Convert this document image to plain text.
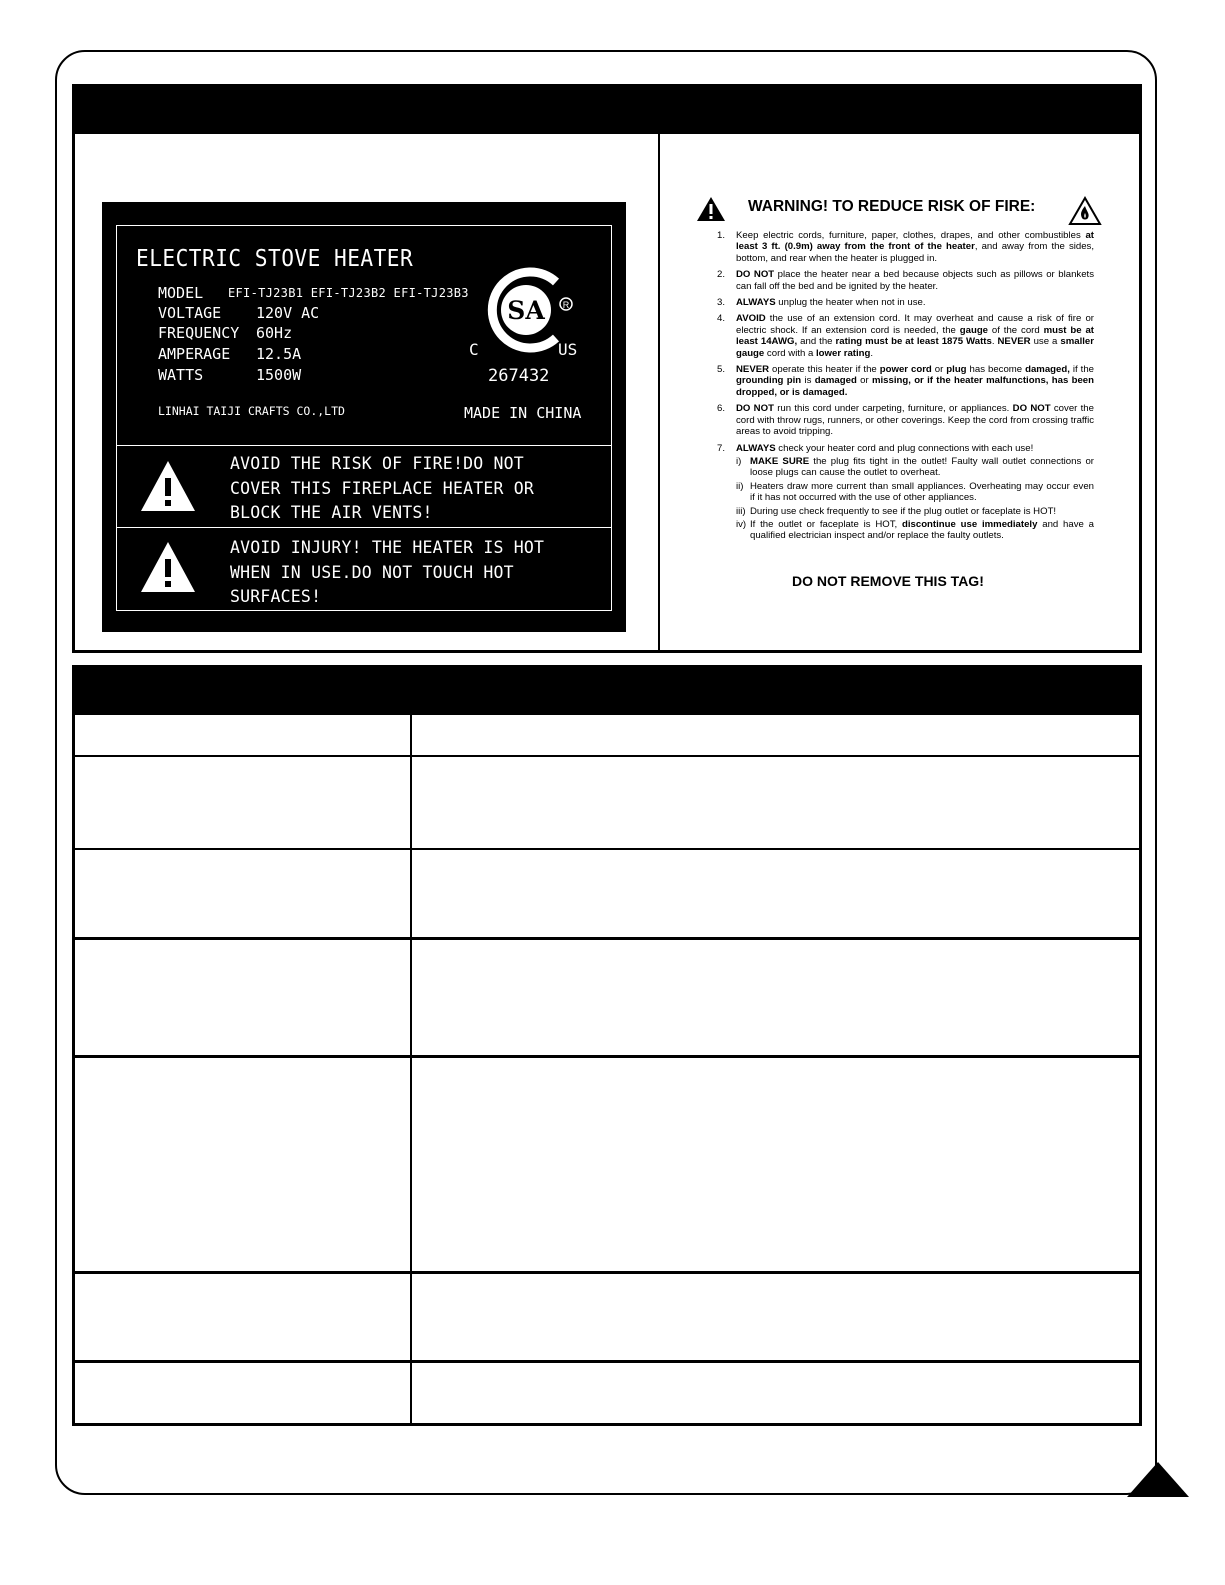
ELECTRIC STOVE HEATER
MODEL	EFI-TJ23B1 EFI-TJ23B2 EFI-TJ23B3
VOLTAGE	120V AC
FREQUENCY	60Hz
AMPERAGE	12.5A
WATTS	1500W
LINHAI TAIJI CRAFTS CO.,LTD	MADE IN CHINA
SA R
C	US
267432
AVOID THE RISK OF FIRE!DO NOT
COVER THIS FIREPLACE HEATER OR
BLOCK THE AIR VENTS!
AVOID INJURY! THE HEATER IS HOT
WHEN IN USE.DO NOT TOUCH HOT
SURFACES!
WARNING! TO REDUCE RISK OF FIRE:
1. Keep electric cords, furniture, paper, clothes, drapes, and other combustibles at least 3 ft. (0.9m) away from the front of the heater, and away from the sides, bottom, and rear when the heater is plugged in.
2. DO NOT place the heater near a bed because objects such as pillows or blankets can fall off the bed and be ignited by the heater.
3. ALWAYS unplug the heater when not in use.
4. AVOID the use of an extension cord. It may overheat and cause a risk of fire or electric shock. If an extension cord is needed, the gauge of the cord must be at least 14AWG, and the rating must be at least 1875 Watts. NEVER use a smaller gauge cord with a lower rating.
5. NEVER operate this heater if the power cord or plug has become damaged, if the grounding pin is damaged or missing, or if the heater malfunctions, has been dropped, or is damaged.
6. DO NOT run this cord under carpeting, furniture, or appliances. DO NOT cover the cord with throw rugs, runners, or other coverings. Keep the cord from crossing traffic areas to avoid tripping.
7. ALWAYS check your heater cord and plug connections with each use!
i) MAKE SURE the plug fits tight in the outlet! Faulty wall outlet connections or loose plugs can cause the outlet to overheat.
ii) Heaters draw more current than small appliances. Overheating may occur even if it has not occurred with the use of other appliances.
iii) During use check frequently to see if the plug outlet or faceplate is HOT!
iv) If the outlet or faceplate is HOT, discontinue use immediately and have a qualified electrician inspect and/or replace the faulty outlets.
DO NOT REMOVE THIS TAG!
